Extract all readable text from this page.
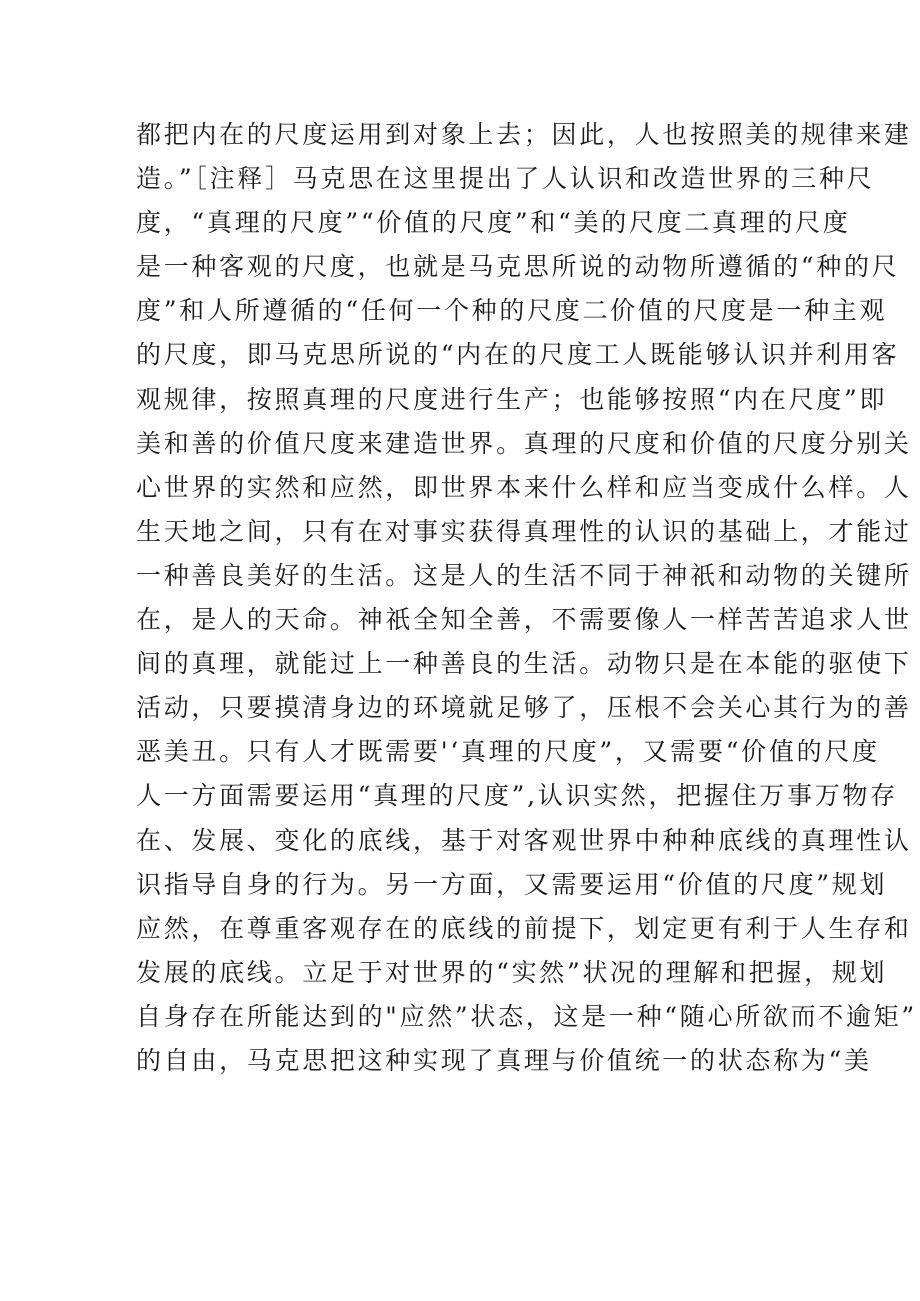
都把内在的尺度运用到对象上去；因此，人也按照美的规律来建
造。”［注释］马克思在这里提出了人认识和改造世界的三种尺
度，“真理的尺度”“价值的尺度”和“美的尺度二真理的尺度
是一种客观的尺度，也就是马克思所说的动物所遵循的“种的尺
度”和人所遵循的“任何一个种的尺度二价值的尺度是一种主观
的尺度，即马克思所说的“内在的尺度工人既能够认识并利用客
观规律，按照真理的尺度进行生产；也能够按照“内在尺度”即
美和善的价值尺度来建造世界。真理的尺度和价值的尺度分别关
心世界的实然和应然，即世界本来什么样和应当变成什么样。人
生天地之间，只有在对事实获得真理性的认识的基础上，才能过
一种善良美好的生活。这是人的生活不同于神祇和动物的关键所
在，是人的天命。神祇全知全善，不需要像人一样苦苦追求人世
间的真理，就能过上一种善良的生活。动物只是在本能的驱使下
活动，只要摸清身边的环境就足够了，压根不会关心其行为的善
恶美丑。只有人才既需要'‘真理的尺度”，又需要“价值的尺度
人一方面需要运用“真理的尺度”,认识实然，把握住万事万物存
在、发展、变化的底线，基于对客观世界中种种底线的真理性认
识指导自身的行为。另一方面，又需要运用“价值的尺度”规划
应然，在尊重客观存在的底线的前提下，划定更有利于人生存和
发展的底线。立足于对世界的“实然”状况的理解和把握，规划
自身存在所能达到的"应然”状态，这是一种“随心所欲而不逾矩”
的自由，马克思把这种实现了真理与价值统一的状态称为“美
